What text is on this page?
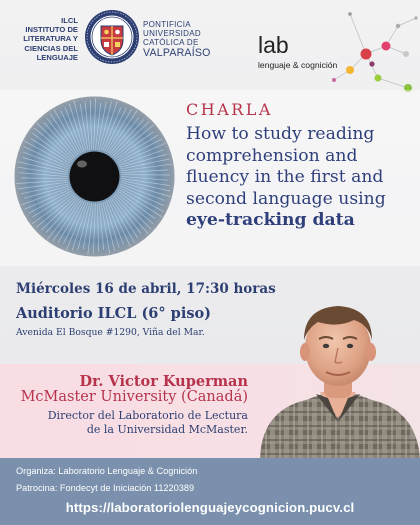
ILCL
INSTITUTO DE
LITERATURA Y
CIENCIAS DEL
LENGUAJE
PONTIFICIA
UNIVERSIDAD
CATÓLICA DE
VALPARAÍSO lab
lenguaje & cognición
CHARLA
How to study reading
comprehension and
fluency in the first and
second language using
eye-tracking data
Miércoles 16 de abril, 17:30 horas
Auditorio ILCL (6° piso)
Avenida El Bosque #1290, Viña del Mar.
Dr. Victor Kuperman
McMaster University (Canadá)
Director del Laboratorio de Lectura
de la Universidad McMaster.
Organiza: Laboratorio Lenguaje & Cognición
Patrocina: Fondecyt de Iniciación 11220389
https://laboratoriolenguajeycognicion.pucv.cl
